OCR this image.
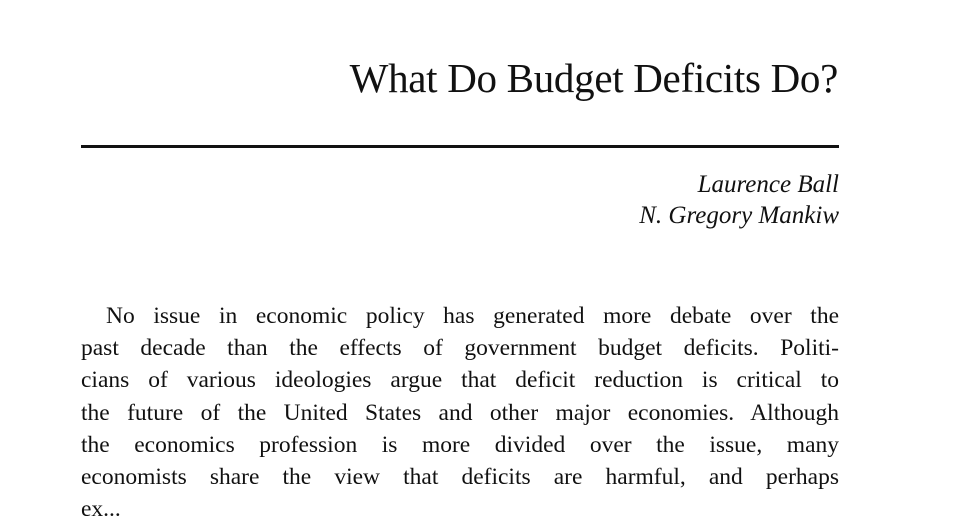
What Do Budget Deficits Do?
Laurence Ball
N. Gregory Mankiw
No issue in economic policy has generated more debate over the
past decade than the effects of government budget deficits. Politi-
cians of various ideologies argue that deficit reduction is critical to
the future of the United States and other major economies. Although
the economics profession is more divided over the issue, many
economists share the view that deficits are harmful, and perhaps
ex...
